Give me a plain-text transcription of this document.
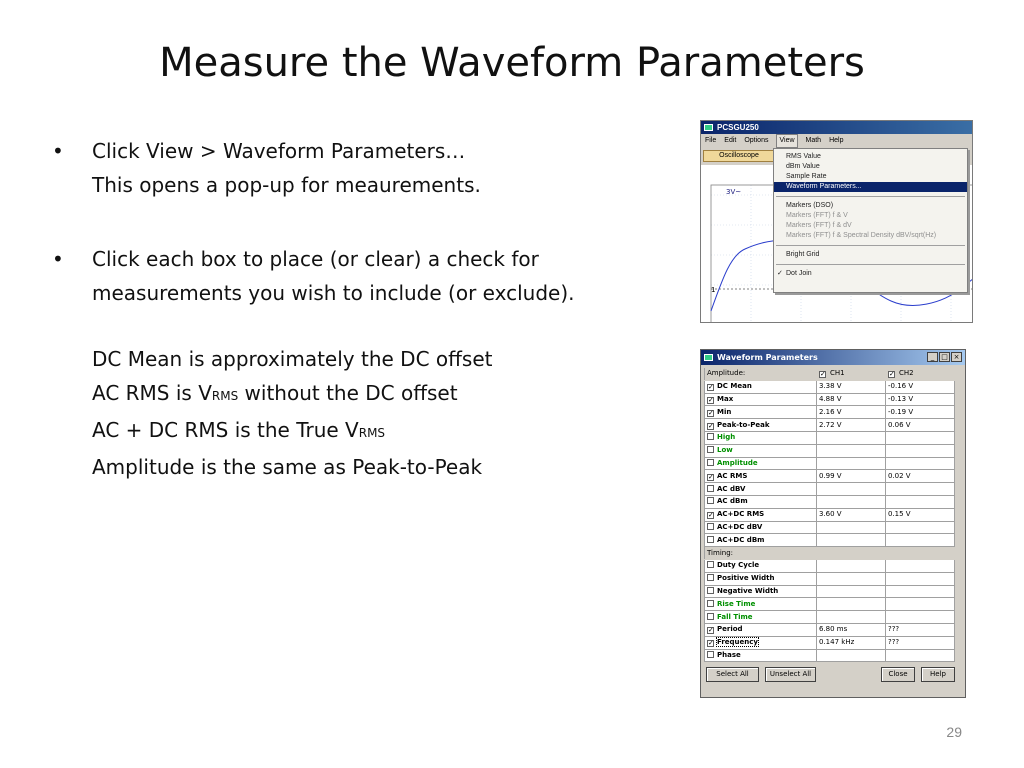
Measure the Waveform Parameters
• Click View > Waveform Parameters…
This opens a pop-up for meaurements.
• Click each box to place (or clear) a check for
measurements you wish to include (or exclude).
DC Mean is approximately the DC offset
AC RMS is VRMS without the DC offset
AC + DC RMS is the True VRMS
Amplitude is the same as Peak-to-Peak
29
PCSGU250
File Edit Options	View	Math Help
Oscilloscope
3V~
1
RMS Value
dBm Value
Sample Rate
Waveform Parameters...
Markers (DSO)
Markers (FFT) f & V
Markers (FFT) f & dV
Markers (FFT) f & Spectral Density dBV/sqrt(Hz)
Bright Grid
✓ Dot Join
Waveform Parameters	_ □ ×
Amplitude:	✓ CH1	✓ CH2
✓ DC Mean	3.38 V	-0.16 V
✓ Max	4.88 V	-0.13 V
✓ Min	2.16 V	-0.19 V
✓ Peak-to-Peak	2.72 V	0.06 V
High		
Low		
Amplitude		
✓ AC RMS	0.99 V	0.02 V
AC dBV		
AC dBm		
✓ AC+DC RMS	3.60 V	0.15 V
AC+DC dBV		
AC+DC dBm		
Timing:		
Duty Cycle		
Positive Width		
Negative Width		
Rise Time		
Fall Time		
✓ Period	6.80 ms	???
✓ Frequency	0.147 kHz	???
Phase		
Select All	Unselect All	Close	Help
